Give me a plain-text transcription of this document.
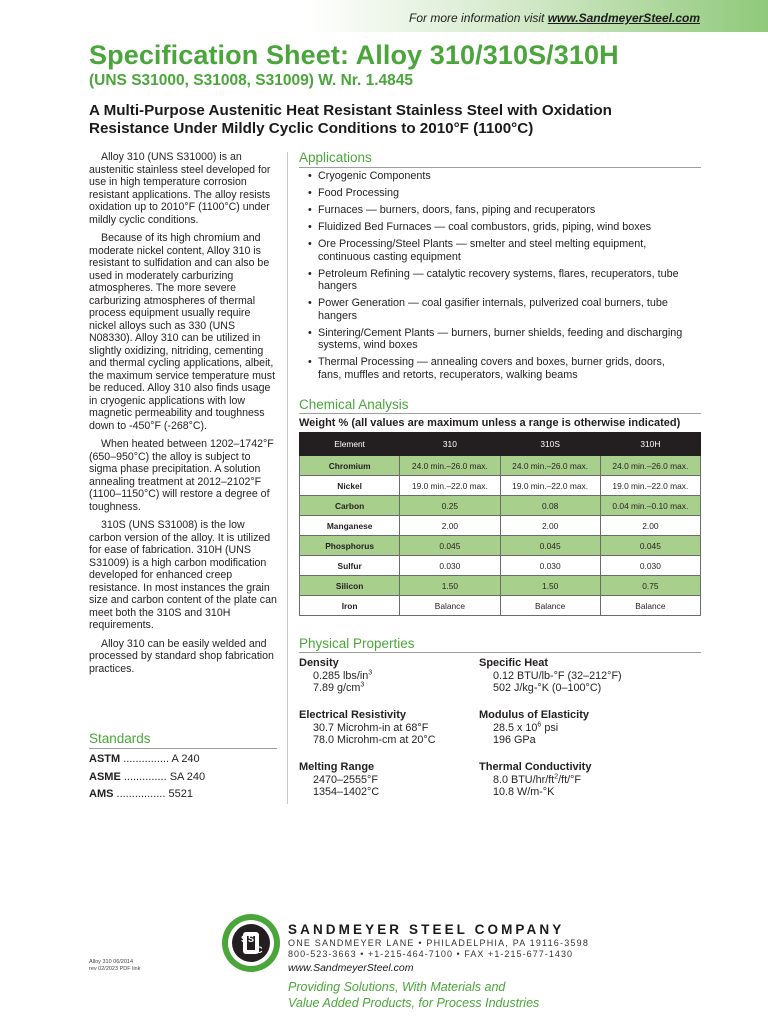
For more information visit www.SandmeyerSteel.com
Specification Sheet: Alloy 310/310S/310H
(UNS S31000, S31008, S31009) W. Nr. 1.4845
A Multi-Purpose Austenitic Heat Resistant Stainless Steel with Oxidation
Resistance Under Mildly Cyclic Conditions to 2010°F (1100°C)

Alloy 310 (UNS S31000) is an austenitic stainless steel developed for use in high temperature corrosion resistant applications. The alloy resists oxidation up to 2010°F (1100°C) under mildly cyclic conditions.

Because of its high chromium and moderate nickel content, Alloy 310 is resistant to sulfidation and can also be used in moderately carburizing atmospheres. The more severe carburizing atmospheres of thermal process equipment usually require nickel alloys such as 330 (UNS N08330). Alloy 310 can be utilized in slightly oxidizing, nitriding, cementing and thermal cycling applications, albeit, the maximum service temperature must be reduced. Alloy 310 also finds usage in cryogenic applications with low magnetic permeability and toughness down to -450°F (-268°C).

When heated between 1202–1742°F (650–950°C) the alloy is subject to sigma phase precipitation. A solution annealing treatment at 2012–2102°F (1100–1150°C) will restore a degree of toughness.

310S (UNS S31008) is the low carbon version of the alloy. It is utilized for ease of fabrication. 310H (UNS S31009) is a high carbon modification developed for enhanced creep resistance. In most instances the grain size and carbon content of the plate can meet both the 310S and 310H requirements.

Alloy 310 can be easily welded and processed by standard shop fabrication practices.

Standards
ASTM ............... A 240
ASME .............. SA 240
AMS ................ 5521
Applications
• Cryogenic Components
• Food Processing
• Furnaces — burners, doors, fans, piping and recuperators
• Fluidized Bed Furnaces — coal combustors, grids, piping, wind boxes
• Ore Processing/Steel Plants — smelter and steel melting equipment, continuous casting equipment
• Petroleum Refining — catalytic recovery systems, flares, recuperators, tube hangers
• Power Generation — coal gasifier internals, pulverized coal burners, tube hangers
• Sintering/Cement Plants — burners, burner shields, feeding and discharging systems, wind boxes
• Thermal Processing — annealing covers and boxes, burner grids, doors, fans, muffles and retorts, recuperators, walking beams
Chemical Analysis
Weight % (all values are maximum unless a range is otherwise indicated)
Element	310	310S	310H
Chromium	24.0 min.–26.0 max.	24.0 min.–26.0 max.	24.0 min.–26.0 max.
Nickel	19.0 min.–22.0 max.	19.0 min.–22.0 max.	19.0 min.–22.0 max.
Carbon	0.25	0.08	0.04 min.–0.10 max.
Manganese	2.00	2.00	2.00
Phosphorus	0.045	0.045	0.045
Sulfur	0.030	0.030	0.030
Silicon	1.50	1.50	0.75
Iron	Balance	Balance	Balance
Physical Properties
Density
0.285 lbs/$in^3$
7.89 $g/cm^3$
Specific Heat
0.12 BTU/lb-°F (32–212°F)
502 J/kg-°K (0–100°C)
Electrical Resistivity
30.7 Microhm-in at 68°F
78.0 Microhm-cm at 20°C
Modulus of Elasticity
28.5 x $10^6$ psi
196 GPa
Melting Range
2470–2555°F
1354–1402°C
Thermal Conductivity
8.0 BTU/$hr/ft^2/ft/^\circ F$
10.8 W/m-°K
S S
C
SANDMEYER STEEL COMPANY
ONE SANDMEYER LANE • PHILADELPHIA, PA 19116-3598
800-523-3663 • +1-215-464-7100 • FAX +1-215-677-1430
www.SandmeyerSteel.com
Providing Solutions, With Materials and
Value Added Products, for Process Industries
Alloy 310 06/2014
rev 02/2023 PDF link
